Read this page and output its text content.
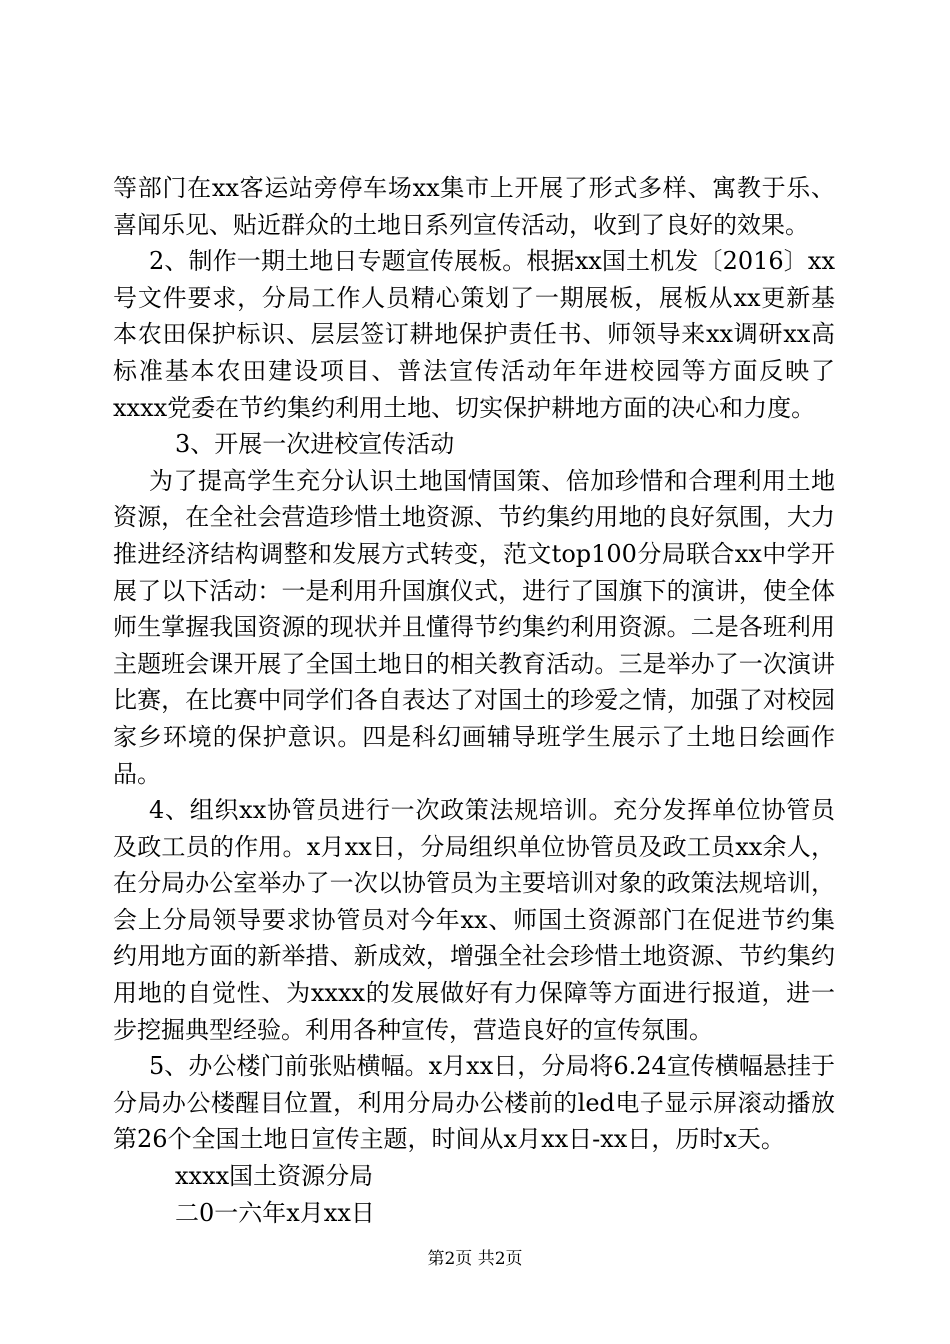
等部门在xx客运站旁停车场xx集市上开展了形式多样、寓教于乐、喜闻乐见、贴近群众的土地日系列宣传活动，收到了良好的效果。

2、制作一期土地日专题宣传展板。根据xx国土机发〔2016〕xx号文件要求，分局工作人员精心策划了一期展板，展板从xx更新基本农田保护标识、层层签订耕地保护责任书、师领导来xx调研xx高标准基本农田建设项目、普法宣传活动年年进校园等方面反映了xxxx党委在节约集约利用土地、切实保护耕地方面的决心和力度。

3、开展一次进校宣传活动

为了提高学生充分认识土地国情国策、倍加珍惜和合理利用土地资源，在全社会营造珍惜土地资源、节约集约用地的良好氛围，大力推进经济结构调整和发展方式转变，范文top100分局联合xx中学开展了以下活动：一是利用升国旗仪式，进行了国旗下的演讲，使全体师生掌握我国资源的现状并且懂得节约集约利用资源。二是各班利用主题班会课开展了全国土地日的相关教育活动。三是举办了一次演讲比赛，在比赛中同学们各自表达了对国土的珍爱之情，加强了对校园家乡环境的保护意识。四是科幻画辅导班学生展示了土地日绘画作品。

4、组织xx协管员进行一次政策法规培训。充分发挥单位协管员及政工员的作用。x月xx日，分局组织单位协管员及政工员xx余人，在分局办公室举办了一次以协管员为主要培训对象的政策法规培训，会上分局领导要求协管员对今年xx、师国土资源部门在促进节约集约用地方面的新举措、新成效，增强全社会珍惜土地资源、节约集约用地的自觉性、为xxxx的发展做好有力保障等方面进行报道，进一步挖掘典型经验。利用各种宣传，营造良好的宣传氛围。

5、办公楼门前张贴横幅。x月xx日，分局将6.24宣传横幅悬挂于分局办公楼醒目位置，利用分局办公楼前的led电子显示屏滚动播放第26个全国土地日宣传主题，时间从x月xx日-xx日，历时x天。

xxxx国土资源分局

二0一六年x月xx日

第2页 共2页
